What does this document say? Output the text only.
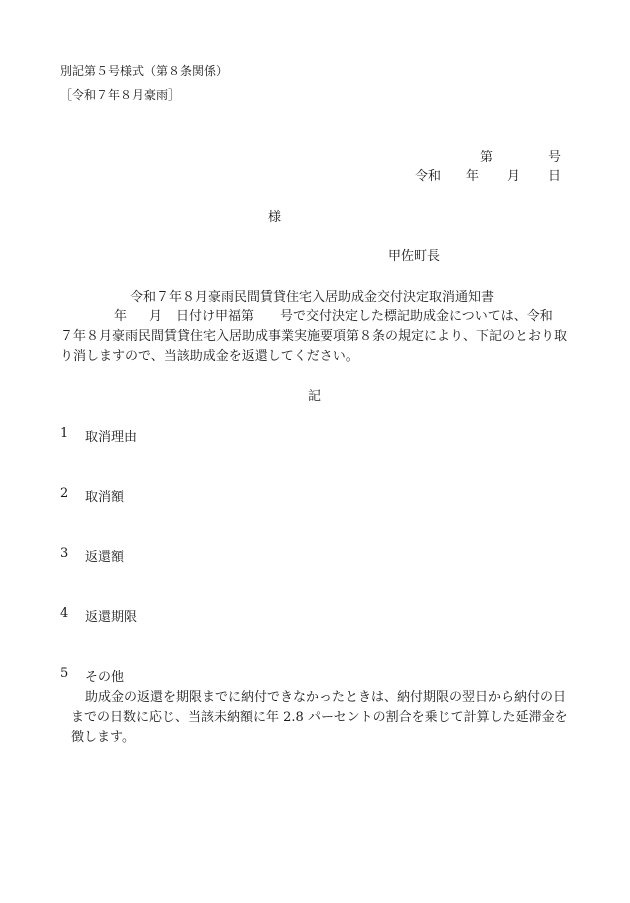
別記第５号様式（第８条関係）
［令和７年８月豪雨］
第	号
令和 年 月 日
様
甲佐町長
令和７年８月豪雨民間賃貸住宅入居助成金交付決定取消通知書
年 月 日付け甲福第　　号で交付決定した標記助成金については、令和
７年８月豪雨民間賃貸住宅入居助成事業実施要項第８条の規定により、下記のとおり取
り消しますので、当該助成金を返還してください。
記
1 取消理由
2 取消額
3 返還額
4 返還期限
5 その他
助成金の返還を期限までに納付できなかったときは、納付期限の翌日から納付の日
までの日数に応じ、当該未納額に年 2.8 パーセントの割合を乗じて計算した延滞金を
徴します。
